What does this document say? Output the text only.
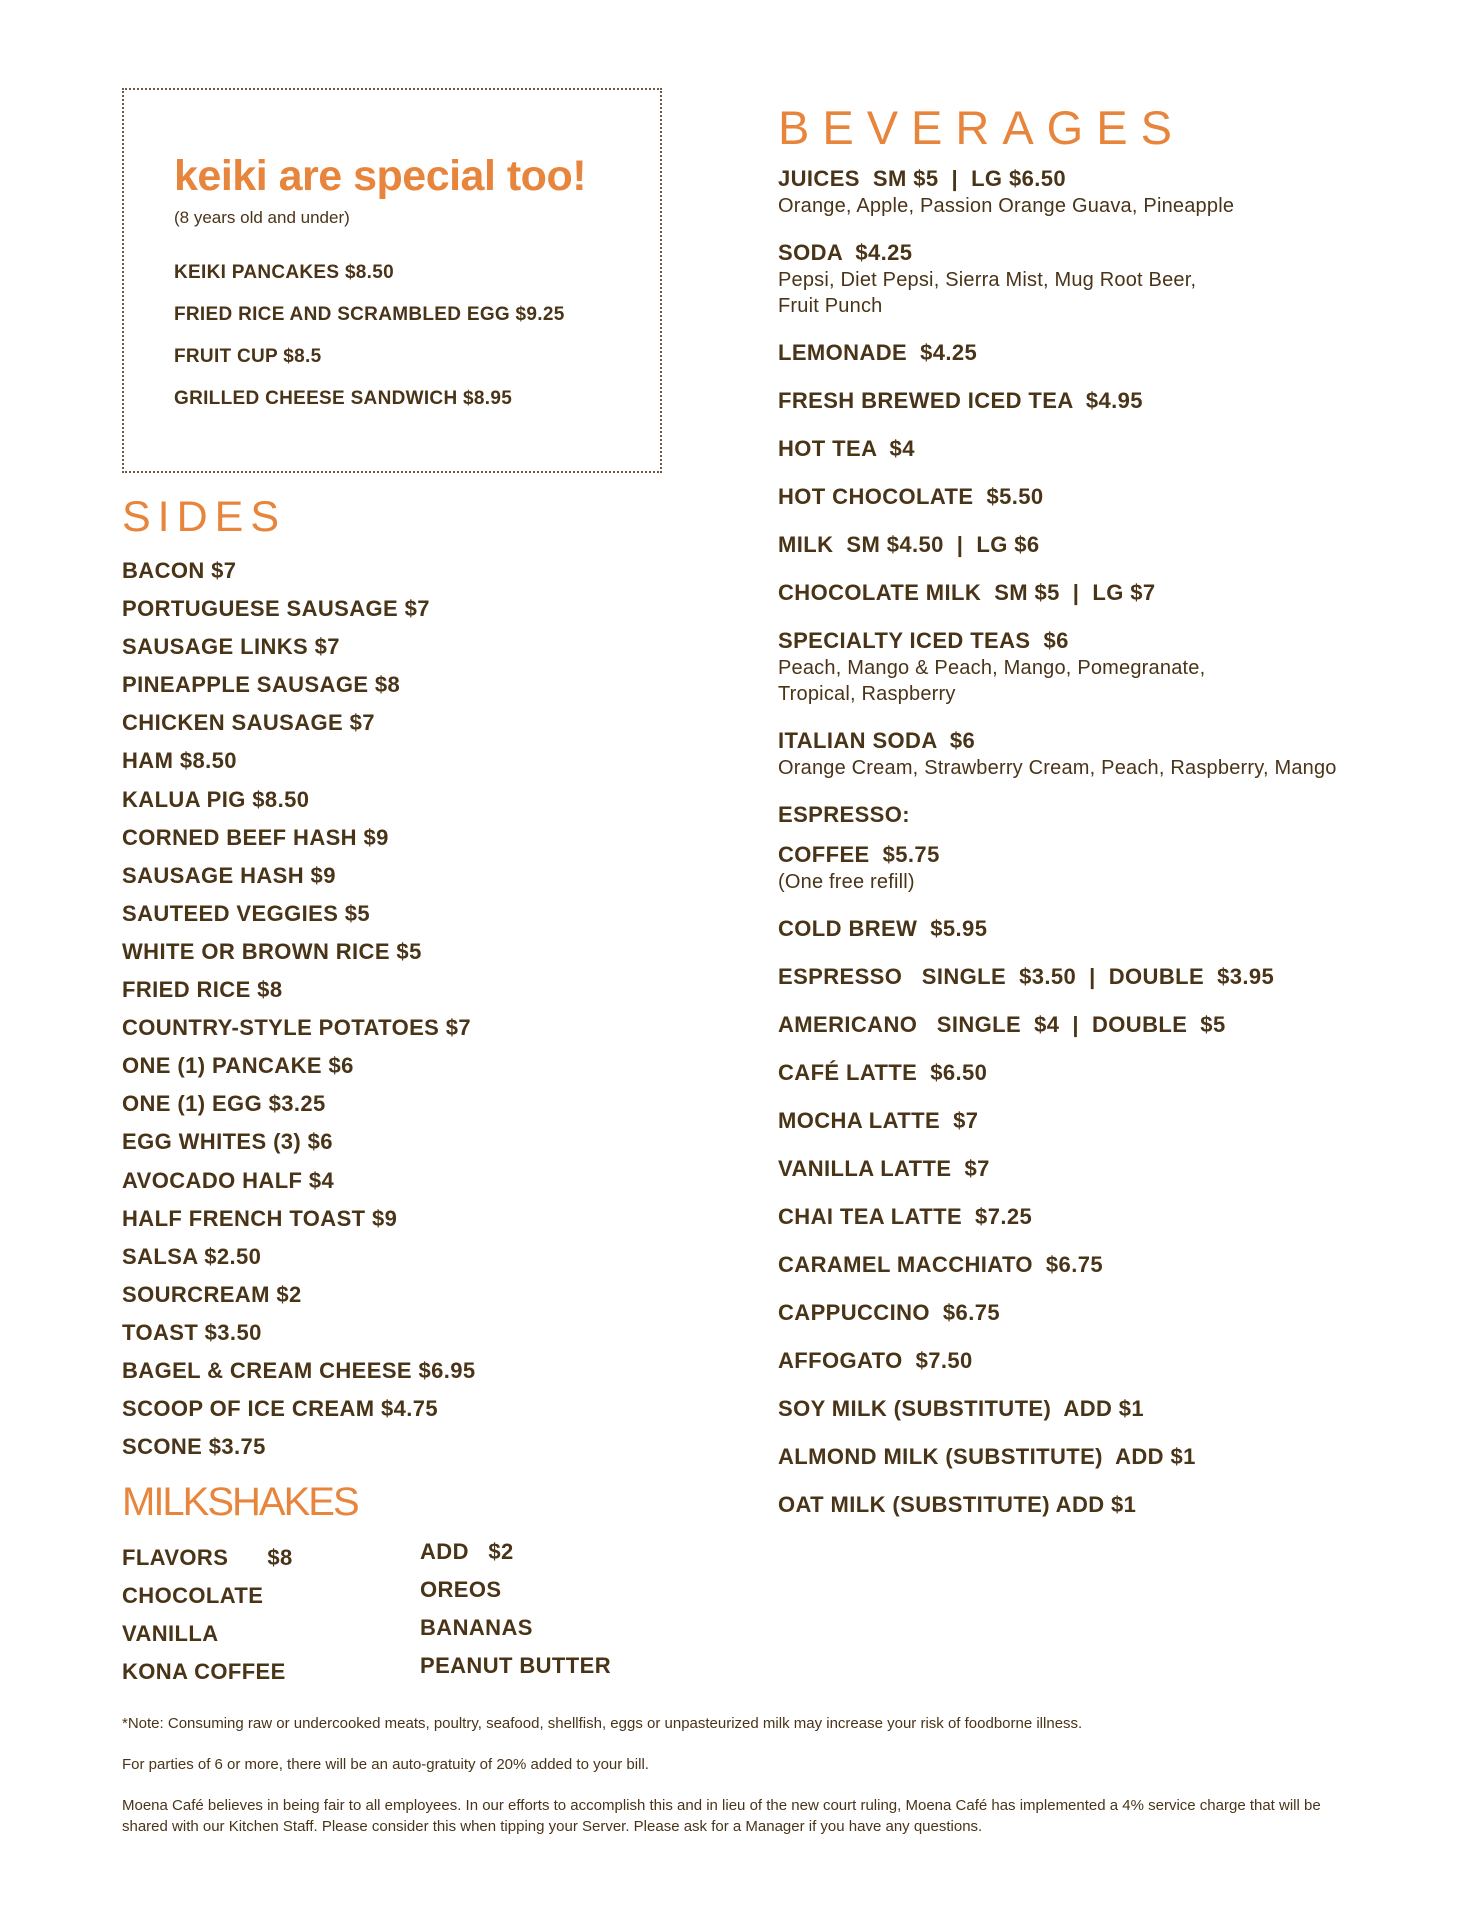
keiki are special too!
(8 years old and under)
KEIKI PANCAKES $8.50
FRIED RICE AND SCRAMBLED EGG $9.25
FRUIT CUP $8.5
GRILLED CHEESE SANDWICH $8.95
SIDES
BACON $7
PORTUGUESE SAUSAGE $7
SAUSAGE LINKS $7
PINEAPPLE SAUSAGE $8
CHICKEN SAUSAGE $7
HAM $8.50
KALUA PIG $8.50
CORNED BEEF HASH $9
SAUSAGE HASH $9
SAUTEED VEGGIES $5
WHITE OR BROWN RICE $5
FRIED RICE $8
COUNTRY-STYLE POTATOES $7
ONE (1) PANCAKE $6
ONE (1) EGG $3.25
EGG WHITES (3) $6
AVOCADO HALF $4
HALF FRENCH TOAST $9
SALSA $2.50
SOURCREAM $2
TOAST $3.50
BAGEL & CREAM CHEESE $6.95
SCOOP OF ICE CREAM $4.75
SCONE $3.75
MILKSHAKES
FLAVORS      $8
CHOCOLATE
VANILLA
KONA COFFEE
ADD   $2
OREOS
BANANAS
PEANUT BUTTER
BEVERAGES
JUICES  SM $5  |  LG $6.50
Orange, Apple, Passion Orange Guava, Pineapple
SODA  $4.25
Pepsi, Diet Pepsi, Sierra Mist, Mug Root Beer,
Fruit Punch
LEMONADE  $4.25
FRESH BREWED ICED TEA  $4.95
HOT TEA  $4
HOT CHOCOLATE  $5.50
MILK  SM $4.50  |  LG $6
CHOCOLATE MILK  SM $5  |  LG $7
SPECIALTY ICED TEAS  $6
Peach, Mango & Peach, Mango, Pomegranate,
Tropical, Raspberry
ITALIAN SODA  $6
Orange Cream, Strawberry Cream, Peach, Raspberry, Mango
ESPRESSO:
COFFEE  $5.75
(One free refill)
COLD BREW  $5.95
ESPRESSO   SINGLE  $3.50  |  DOUBLE  $3.95
AMERICANO   SINGLE  $4  |  DOUBLE  $5
CAFÉ LATTE  $6.50
MOCHA LATTE  $7
VANILLA LATTE  $7
CHAI TEA LATTE  $7.25
CARAMEL MACCHIATO  $6.75
CAPPUCCINO  $6.75
AFFOGATO  $7.50
SOY MILK (SUBSTITUTE)  ADD $1
ALMOND MILK (SUBSTITUTE)  ADD $1
OAT MILK (SUBSTITUTE) ADD $1

*Note: Consuming raw or undercooked meats, poultry, seafood, shellfish, eggs or unpasteurized milk may increase your risk of foodborne illness.

For parties of 6 or more, there will be an auto-gratuity of 20% added to your bill.

Moena Café believes in being fair to all employees. In our efforts to accomplish this and in lieu of the new court ruling, Moena Café has implemented a 4% service charge that will be shared with our Kitchen Staff. Please consider this when tipping your Server. Please ask for a Manager if you have any questions.
